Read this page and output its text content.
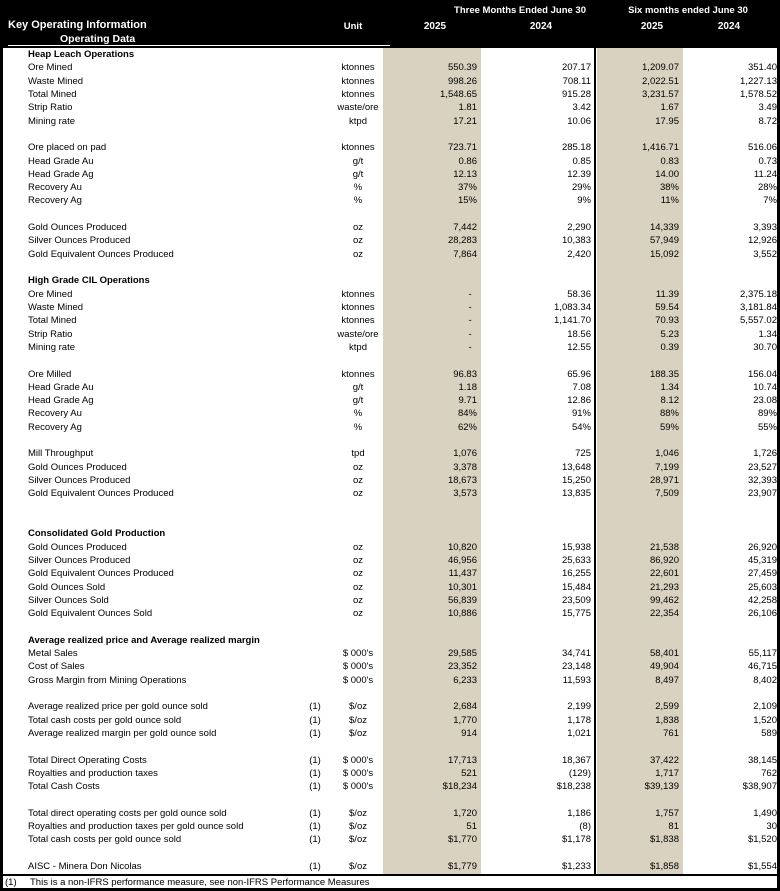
Three Months Ended June 30	Six months ended June 30
Key Operating Information	Unit	2025	2024	2025	2024
Operating Data
Heap Leach Operations
Ore Mined	ktonnes	550.39	207.17	1,209.07	351.40
Waste Mined	ktonnes	998.26	708.11	2,022.51	1,227.13
Total Mined	ktonnes	1,548.65	915.28	3,231.57	1,578.52
Strip Ratio	waste/ore	1.81	3.42	1.67	3.49
Mining rate	ktpd	17.21	10.06	17.95	8.72
Ore placed on pad	ktonnes	723.71	285.18	1,416.71	516.06
Head Grade Au	g/t	0.86	0.85	0.83	0.73
Head Grade Ag	g/t	12.13	12.39	14.00	11.24
Recovery Au	%	37%	29%	38%	28%
Recovery Ag	%	15%	9%	11%	7%
Gold Ounces Produced	oz	7,442	2,290	14,339	3,393
Silver Ounces Produced	oz	28,283	10,383	57,949	12,926
Gold Equivalent Ounces Produced	oz	7,864	2,420	15,092	3,552
High Grade CIL Operations
Ore Mined	ktonnes	-	58.36	11.39	2,375.18
Waste Mined	ktonnes	-	1,083.34	59.54	3,181.84
Total Mined	ktonnes	-	1,141.70	70.93	5,557.02
Strip Ratio	waste/ore	-	18.56	5.23	1.34
Mining rate	ktpd	-	12.55	0.39	30.70
Ore Milled	ktonnes	96.83	65.96	188.35	156.04
Head Grade Au	g/t	1.18	7.08	1.34	10.74
Head Grade Ag	g/t	9.71	12.86	8.12	23.08
Recovery Au	%	84%	91%	88%	89%
Recovery Ag	%	62%	54%	59%	55%
Mill Throughput	tpd	1,076	725	1,046	1,726
Gold Ounces Produced	oz	3,378	13,648	7,199	23,527
Silver Ounces Produced	oz	18,673	15,250	28,971	32,393
Gold Equivalent Ounces Produced	oz	3,573	13,835	7,509	23,907
Consolidated Gold Production
Gold Ounces Produced	oz	10,820	15,938	21,538	26,920
Silver Ounces Produced	oz	46,956	25,633	86,920	45,319
Gold Equivalent Ounces Produced	oz	11,437	16,255	22,601	27,459
Gold Ounces Sold	oz	10,301	15,484	21,293	25,603
Silver Ounces Sold	oz	56,839	23,509	99,462	42,258
Gold Equivalent Ounces Sold	oz	10,886	15,775	22,354	26,106
Average realized price and Average realized margin
Metal Sales	$ 000's	29,585	34,741	58,401	55,117
Cost of Sales	$ 000's	23,352	23,148	49,904	46,715
Gross Margin from Mining Operations	$ 000's	6,233	11,593	8,497	8,402
Average realized price per gold ounce sold	(1)	$/oz	2,684	2,199	2,599	2,109
Total cash costs per gold ounce sold	(1)	$/oz	1,770	1,178	1,838	1,520
Average realized margin per gold ounce sold	(1)	$/oz	914	1,021	761	589
Total Direct Operating Costs	(1)	$ 000's	17,713	18,367	37,422	38,145
Royalties and production taxes	(1)	$ 000's	521	(129)	1,717	762
Total Cash Costs	(1)	$ 000's	$18,234	$18,238	$39,139	$38,907
Total direct operating costs per gold ounce sold	(1)	$/oz	1,720	1,186	1,757	1,490
Royalties and production taxes per gold ounce sold	(1)	$/oz	51	(8)	81	30
Total cash costs per gold ounce sold	(1)	$/oz	$1,770	$1,178	$1,838	$1,520
AISC - Minera Don Nicolas	(1)	$/oz	$1,779	$1,233	$1,858	$1,554
(1)	This is a non-IFRS performance measure, see non-IFRS Performance Measures
